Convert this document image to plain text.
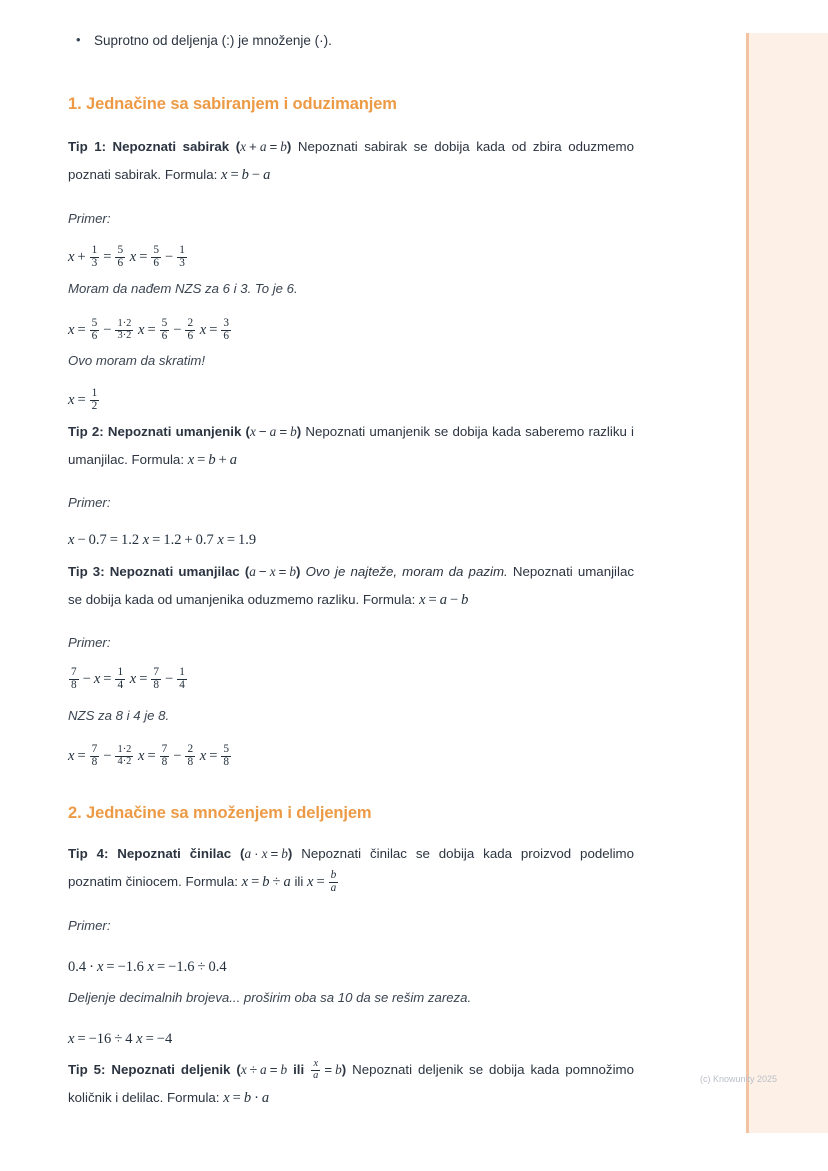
• Suprotno od deljenja (:) je množenje (·).
1. Jednačine sa sabiranjem i oduzimanjem

Tip 1: Nepoznati sabirak (x + a = b) Nepoznati sabirak se dobija kada od zbira oduzmemo poznati sabirak. Formula: x = b − a

Primer:

$x + \frac{1}{3} = \frac{5}{6}$ $x = \frac{5}{6} - \frac{1}{3}$

Moram da nađem NZS za 6 i 3. To je 6.

$x = \frac{5}{6} - \frac{1\cdot 2}{3\cdot 2}$ $x = \frac{5}{6} - \frac{2}{6}$ $x = \frac{3}{6}$

Ovo moram da skratim!

$x = \frac{1}{2}$

Tip 2: Nepoznati umanjenik (x − a = b) Nepoznati umanjenik se dobija kada saberemo razliku i umanjilac. Formula: x = b + a

Primer:

x − 0.7 = 1.2 x = 1.2 + 0.7 x = 1.9

Tip 3: Nepoznati umanjilac (a − x = b) Ovo je najteže, moram da pazim. Nepoznati umanjilac se dobija kada od umanjenika oduzmemo razliku. Formula: x = a − b

Primer:

$\frac{7}{8} - x = \frac{1}{4}$ $x = \frac{7}{8} - \frac{1}{4}$

NZS za 8 i 4 je 8.

$x = \frac{7}{8} - \frac{1\cdot 2}{4\cdot 2}$ $x = \frac{7}{8} - \frac{2}{8}$ $x = \frac{5}{8}$

2. Jednačine sa množenjem i deljenjem

Tip 4: Nepoznati činilac (a · x = b) Nepoznati činilac se dobija kada proizvod podelimo poznatim činiocem. Formula: x = b ÷ a ili $x = \frac{b}{a}$

Primer:

0.4 · x = −1.6 x = −1.6 ÷ 0.4

Deljenje decimalnih brojeva... proširim oba sa 10 da se rešim zareza.

x = −16 ÷ 4 x = −4

Tip 5: Nepoznati deljenik (x ÷ a = b ili $\frac{x}{a} = b$) Nepoznati deljenik se dobija kada pomnožimo količnik i delilac. Formula: x = b · a

(c) Knowunity 2025
